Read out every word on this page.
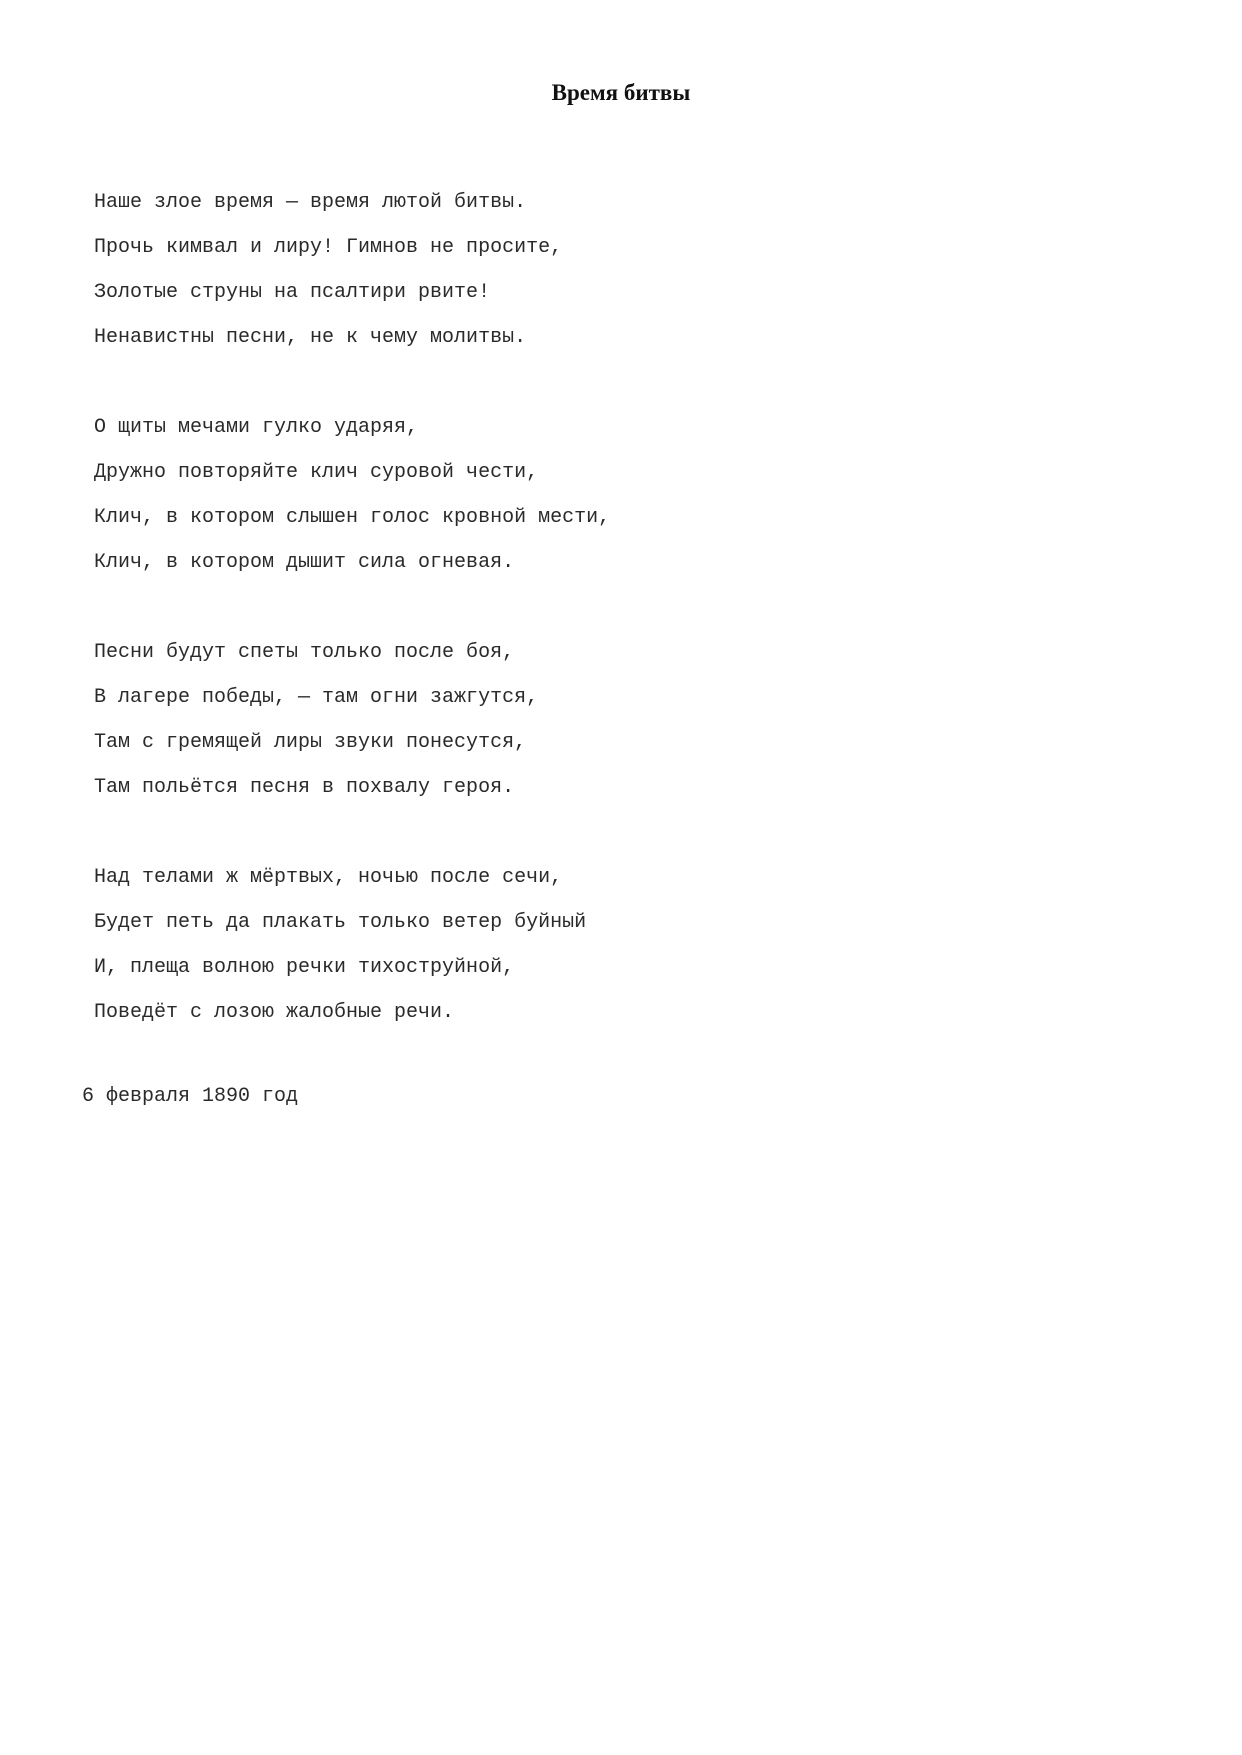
Время битвы
Наше злое время — время лютой битвы.
Прочь кимвал и лиру! Гимнов не просите,
Золотые струны на псалтири рвите!
Ненавистны песни, не к чему молитвы.
О щиты мечами гулко ударяя,
Дружно повторяйте клич суровой чести,
Клич, в котором слышен голос кровной мести,
Клич, в котором дышит сила огневая.
Песни будут спеты только после боя,
В лагере победы, — там огни зажгутся,
Там с гремящей лиры звуки понесутся,
Там польётся песня в похвалу героя.
Над телами ж мёртвых, ночью после сечи,
Будет петь да плакать только ветер буйный
И, плеща волною речки тихоструйной,
Поведёт с лозою жалобные речи.
6 февраля 1890 год
